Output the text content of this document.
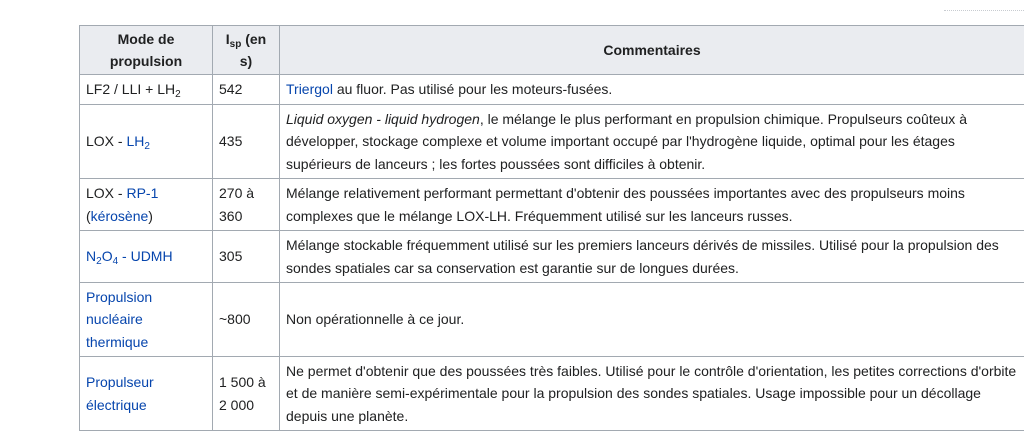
Mode de
propulsion	$I_{sp}$ (en s)	Commentaires
LF2 / LLI + $LH_2$	542	Triergol au fluor. Pas utilisé pour les moteurs-fusées.
LOX - $LH_2$	435	Liquid oxygen - liquid hydrogen, le mélange le plus performant en propulsion chimique. Propulseurs coûteux à développer, stockage complexe et volume important occupé par l'hydrogène liquide, optimal pour les étages supérieurs de lanceurs ; les fortes poussées sont difficiles à obtenir.
LOX - RP-1 (kérosène)	270 à 360	Mélange relativement performant permettant d'obtenir des poussées importantes avec des propulseurs moins complexes que le mélange LOX-LH. Fréquemment utilisé sur les lanceurs russes.
$N_2O_4$ - UDMH	305	Mélange stockable fréquemment utilisé sur les premiers lanceurs dérivés de missiles. Utilisé pour la propulsion des sondes spatiales car sa conservation est garantie sur de longues durées.
Propulsion nucléaire thermique	~800	Non opérationnelle à ce jour.
Propulseur électrique	1 500 à 2 000	Ne permet d'obtenir que des poussées très faibles. Utilisé pour le contrôle d'orientation, les petites corrections d'orbite et de manière semi-expérimentale pour la propulsion des sondes spatiales. Usage impossible pour un décollage depuis une planète.
